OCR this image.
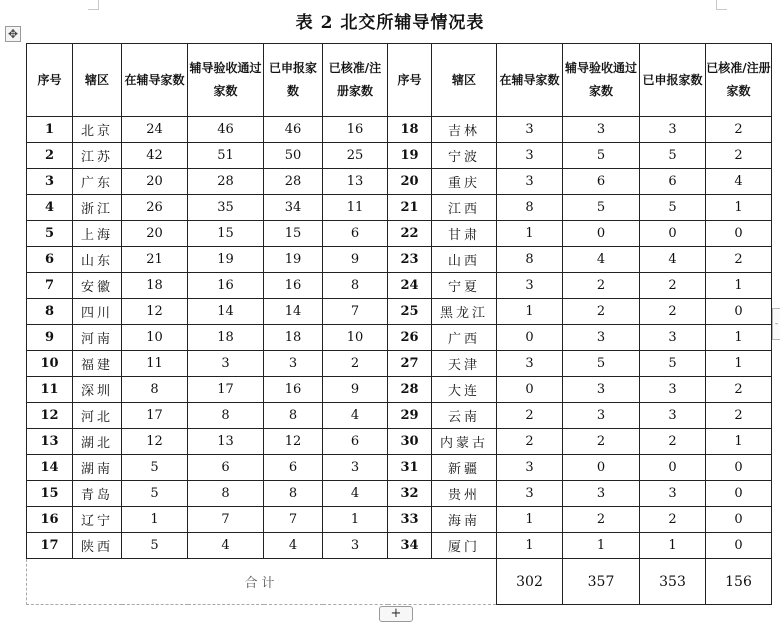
表 2 北交所辅导情况表
✥
序号	辖区	在辅导家数	辅导验收通过家数	已申报家数	已核准/注册家数	序号	辖区	在辅导家数	辅导验收通过家数	已申报家数	已核准/注册家数
1	北京	24	46	46	16	18	吉林	3	3	3	2
2	江苏	42	51	50	25	19	宁波	3	5	5	2
3	广东	20	28	28	13	20	重庆	3	6	6	4
4	浙江	26	35	34	11	21	江西	8	5	5	1
5	上海	20	15	15	6	22	甘肃	1	0	0	0
6	山东	21	19	19	9	23	山西	8	4	4	2
7	安徽	18	16	16	8	24	宁夏	3	2	2	1
8	四川	12	14	14	7	25	黑龙江	1	2	2	0
9	河南	10	18	18	10	26	广西	0	3	3	1
10	福建	11	3	3	2	27	天津	3	5	5	1
11	深圳	8	17	16	9	28	大连	0	3	3	2
12	河北	17	8	8	4	29	云南	2	3	3	2
13	湖北	12	13	12	6	30	内蒙古	2	2	2	1
14	湖南	5	6	6	3	31	新疆	3	0	0	0
15	青岛	5	8	8	4	32	贵州	3	3	3	0
16	辽宁	1	7	7	1	33	海南	1	2	2	0
17	陕西	5	4	4	3	34	厦门	1	1	1	0
合计								302	357	353	156
+
-
